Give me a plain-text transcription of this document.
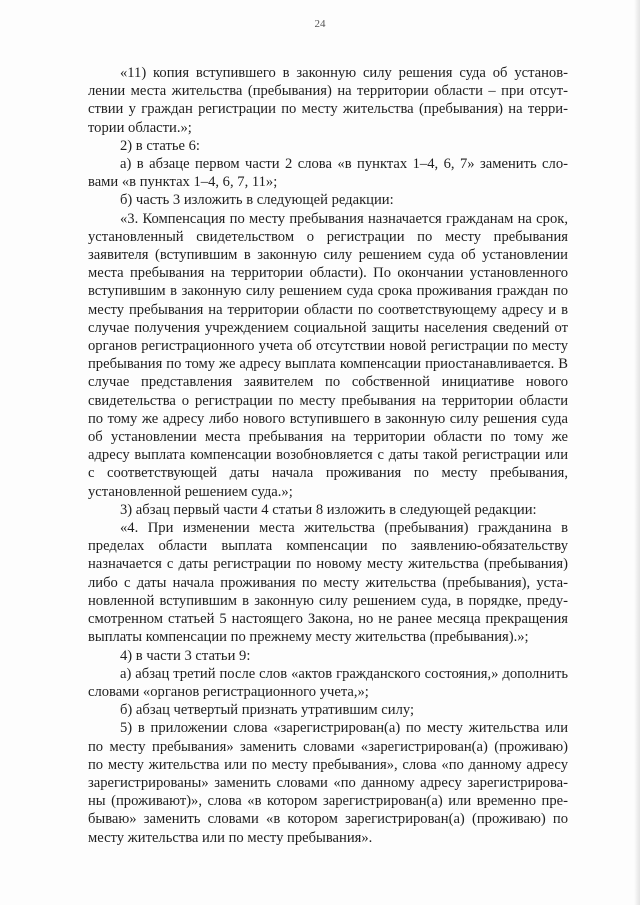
24

«11) копия вступившего в законную силу решения суда об установлении места жительства (пребывания) на территории области – при отсутствии у граждан регистрации по месту жительства (пребывания) на территории области.»;

2) в статье 6:

а) в абзаце первом части 2 слова «в пунктах 1–4, 6, 7» заменить словами «в пунктах 1–4, 6, 7, 11»;

б) часть 3 изложить в следующей редакции:

«3. Компенсация по месту пребывания назначается гражданам на срок, установленный свидетельством о регистрации по месту пребывания заявителя (вступившим в законную силу решением суда об установлении места пребывания на территории области). По окончании установленного вступившим в законную силу решением суда срока проживания граждан по месту пребывания на территории области по соответствующему адресу и в случае получения учреждением социальной защиты населения сведений от органов регистрационного учета об отсутствии новой регистрации по месту пребывания по тому же адресу выплата компенсации приостанавливается. В случае представления заявителем по собственной инициативе нового свидетельства о регистрации по месту пребывания на территории области по тому же адресу либо нового вступившего в законную силу решения суда об установлении места пребывания на территории области по тому же адресу выплата компенсации возобновляется с даты такой регистрации или с соответствующей даты начала проживания по месту пребывания, установленной решением суда.»;

3) абзац первый части 4 статьи 8 изложить в следующей редакции:

«4. При изменении места жительства (пребывания) гражданина в пределах области выплата компенсации по заявлению-обязательству назначается с даты регистрации по новому месту жительства (пребывания) либо с даты начала проживания по месту жительства (пребывания), установленной вступившим в законную силу решением суда, в порядке, предусмотренном статьей 5 настоящего Закона, но не ранее месяца прекращения выплаты компенсации по прежнему месту жительства (пребывания).»;

4) в части 3 статьи 9:

а) абзац третий после слов «актов гражданского состояния,» дополнить словами «органов регистрационного учета,»;

б) абзац четвертый признать утратившим силу;

5) в приложении слова «зарегистрирован(а) по месту жительства или по месту пребывания» заменить словами «зарегистрирован(а) (проживаю) по месту жительства или по месту пребывания», слова «по данному адресу зарегистрированы» заменить словами «по данному адресу зарегистрированы (проживают)», слова «в котором зарегистрирован(а) или временно пребываю» заменить словами «в котором зарегистрирован(а) (проживаю) по месту жительства или по месту пребывания».
